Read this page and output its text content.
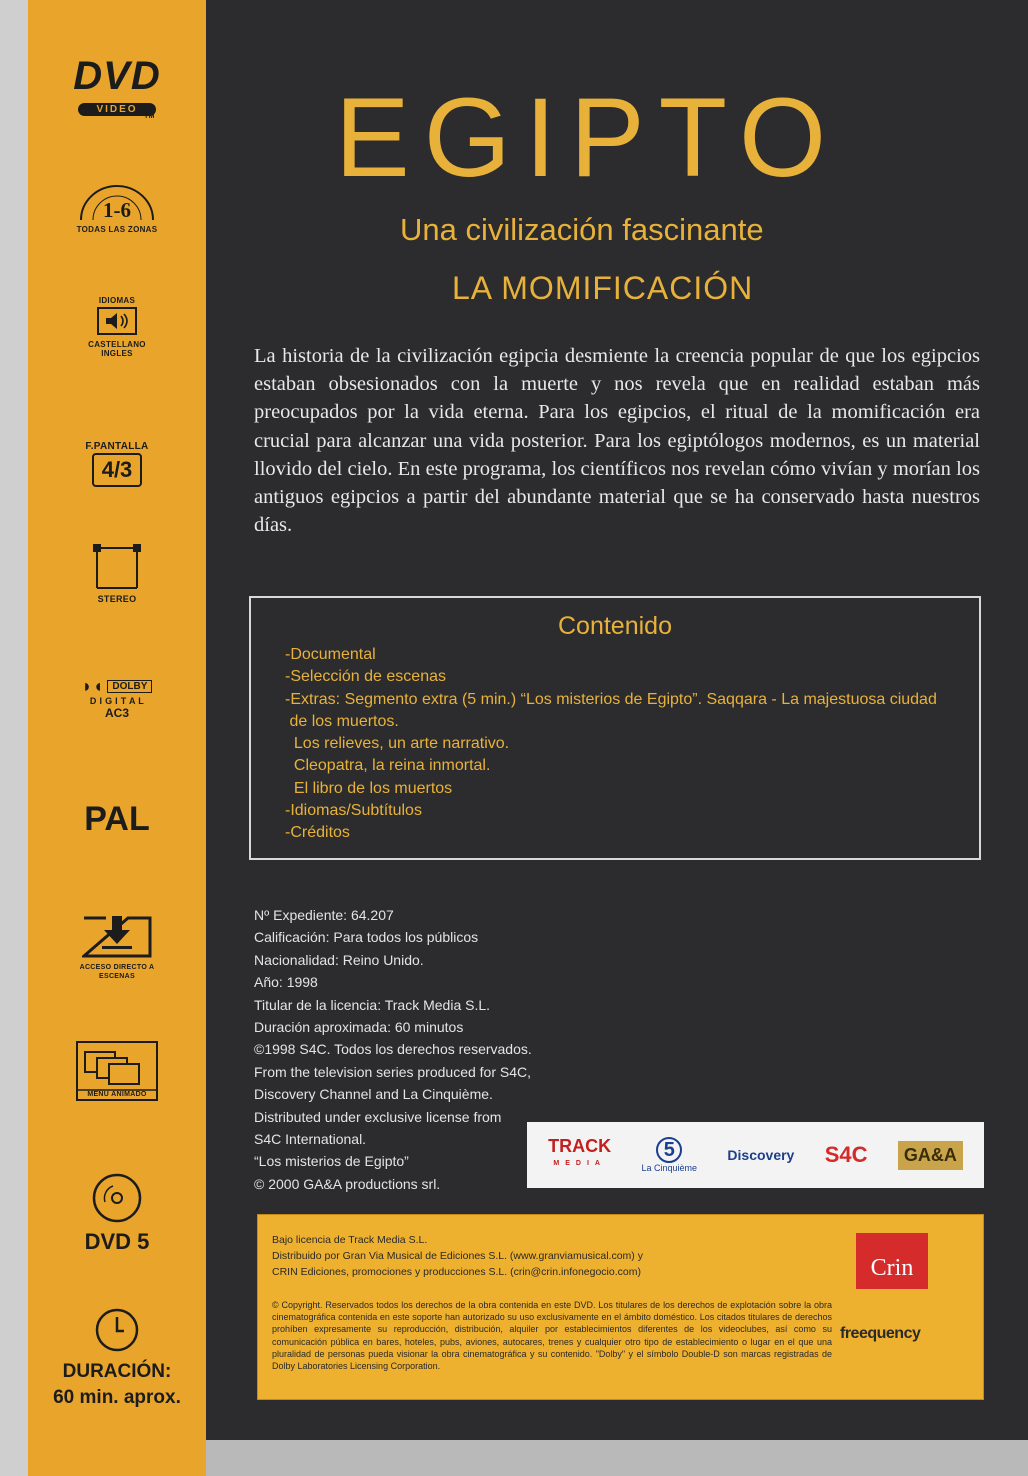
DVD
VIDEO
TM
1-6
TODAS LAS ZONAS
IDIOMAS
CASTELLANO
INGLES
F.PANTALLA
4/3
STEREO
◗◖ DOLBY
D I G I T A L
AC3
PAL
ACCESO DIRECTO A ESCENAS
MENU ANIMADO
DVD 5
DURACIÓN:
60 min. aprox.
EGIPTO
Una civilización fascinante
LA MOMIFICACIÓN
La historia de la civilización egipcia desmiente la creencia popular de que los egipcios estaban obsesionados con la muerte y nos revela que en realidad estaban más preocupados por la vida eterna. Para los egipcios, el ritual de la momificación era crucial para alcanzar una vida posterior. Para los egiptólogos modernos, es un material llovido del cielo. En este programa, los científicos nos revelan cómo vivían y morían los antiguos egipcios a partir del abundante material que se ha conservado hasta nuestros días.
Contenido
-Documental
-Selección de escenas
-Extras: Segmento extra (5 min.) “Los misterios de Egipto”. Saqqara - La majestuosa ciudad
de los muertos.
Los relieves, un arte narrativo.
Cleopatra, la reina inmortal.
El libro de los muertos
-Idiomas/Subtítulos
-Créditos
Nº Expediente: 64.207
Calificación: Para todos los públicos
Nacionalidad: Reino Unido.
Año: 1998
Titular de la licencia: Track Media S.L.
Duración aproximada: 60 minutos
©1998 S4C. Todos los derechos reservados.
From the television series produced for S4C,
Discovery Channel and La Cinquième.
Distributed under exclusive license from
S4C International.
“Los misterios de Egipto”
© 2000 GA&A productions srl.
TRACK
MEDIA
5
La Cinquième
Discovery S4C	GA&A
Bajo licencia de Track Media S.L.
Distribuido por Gran Via Musical de Ediciones S.L. (www.granviamusical.com) y
CRIN Ediciones, promociones y producciones S.L. (crin@crin.infonegocio.com)
© Copyright. Reservados todos los derechos de la obra contenida en este DVD. Los titulares de los derechos de explotación sobre la obra cinematográfica contenida en este soporte han autorizado su uso exclusivamente en el ámbito doméstico. Los citados titulares de derechos prohíben expresamente su reproducción, distribución, alquiler por establecimientos diferentes de los videoclubes, así como su comunicación pública en bares, hoteles, pubs, aviones, autocares, trenes y cualquier otro tipo de establecimiento o lugar en el que una pluralidad de personas pueda visionar la obra cinematográfica y su contenido. "Dolby" y el símbolo Double-D son marcas registradas de Dolby Laboratories Licensing Corporation.
Crin
freequency
